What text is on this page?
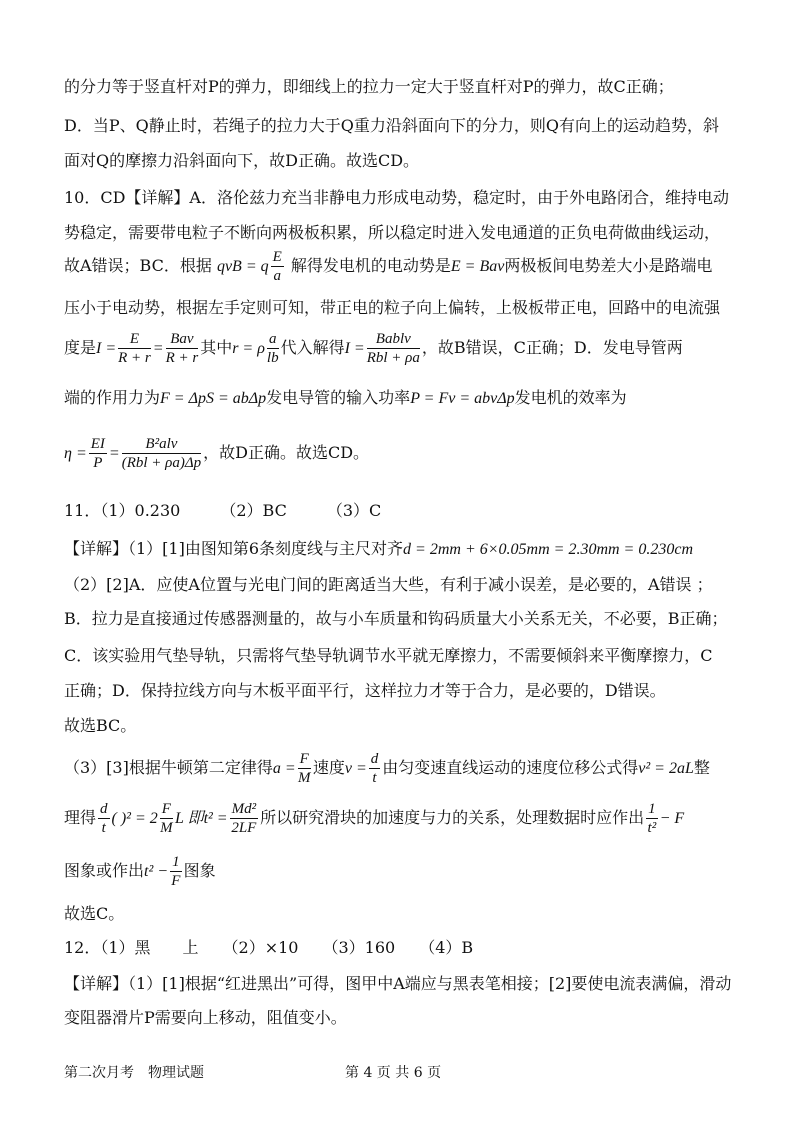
的分力等于竖直杆对P的弹力，即细线上的拉力一定大于竖直杆对P的弹力，故C正确；
D．当P、Q静止时，若绳子的拉力大于Q重力沿斜面向下的分力，则Q有向上的运动趋势，斜
面对Q的摩擦力沿斜面向下，故D正确。故选CD。
10．CD【详解】A．洛伦兹力充当非静电力形成电动势，稳定时，由于外电路闭合，维持电动
势稳定，需要带电粒子不断向两极板积累，所以稳定时进入发电通道的正负电荷做曲线运动，
故A错误；BC．根据 qvB = q $\frac{E}{a}$ 解得发电机的电动势是E = Bav两极板间电势差大小是路端电
压小于电动势，根据左手定则可知，带正电的粒子向上偏转，上极板带正电，回路中的电流强
度是$I = \frac{E}{R + r} = \frac{\text{Bav}}{R + r}$ 其中r = ρ $\frac{a}{lb}$ 代入解得$I = \frac{\text{Bablv}}{\text{Rbl + ρa}}$ ，故B错误，C正确；D．发电导管两
端的作用力为F = ΔpS = abΔp发电导管的输入功率P = Fv = abvΔp发电机的效率为
$\eta = \frac{EI}{P} = \frac{\text{B²alv}}{\text{(Rbl + ρa)Δp}}$ ，故D正确。故选CD。
11．（1）0.230　　　（2）BC　　　（3）C
【详解】（1）[1]由图知第6条刻度线与主尺对齐d = 2mm + 6×0.05mm = 2.30mm = 0.230cm
（2）[2]A．应使A位置与光电门间的距离适当大些，有利于减小误差，是必要的，A错误 ；
B．拉力是直接通过传感器测量的，故与小车质量和钩码质量大小关系无关，不必要，B正确；
C．该实验用气垫导轨，只需将气垫导轨调节水平就无摩擦力，不需要倾斜来平衡摩擦力，C
正确；D．保持拉线方向与木板平面平行，这样拉力才等于合力，是必要的，D错误。
故选BC。
（3）[3]根据牛顿第二定律得$a = \frac{F}{M}$ 速度$v = \frac{d}{t}$ 由匀变速直线运动的速度位移公式得v² = 2aL整
理得 $\frac{d}{t}$ ( )$^2 = 2 \frac{F}{M}$ L 即$t^2 = \frac{\text{Md²}}{2LF}$ 所以研究滑块的加速度与力的关系，处理数据时应作出 $\frac{1}{\text{t²}} - F$
图象或作出$t^2 - \frac{1}{F}$ 图象
故选C。
12．（1）黑　　上　　（2）×10　　（3）160　　（4）B
【详解】（1）[1]根据“红进黑出”可得，图甲中A端应与黑表笔相接；[2]要使电流表满偏，滑动
变阻器滑片P需要向上移动，阻值变小。
第二次月考　物理试题	第 4 页 共 6 页
